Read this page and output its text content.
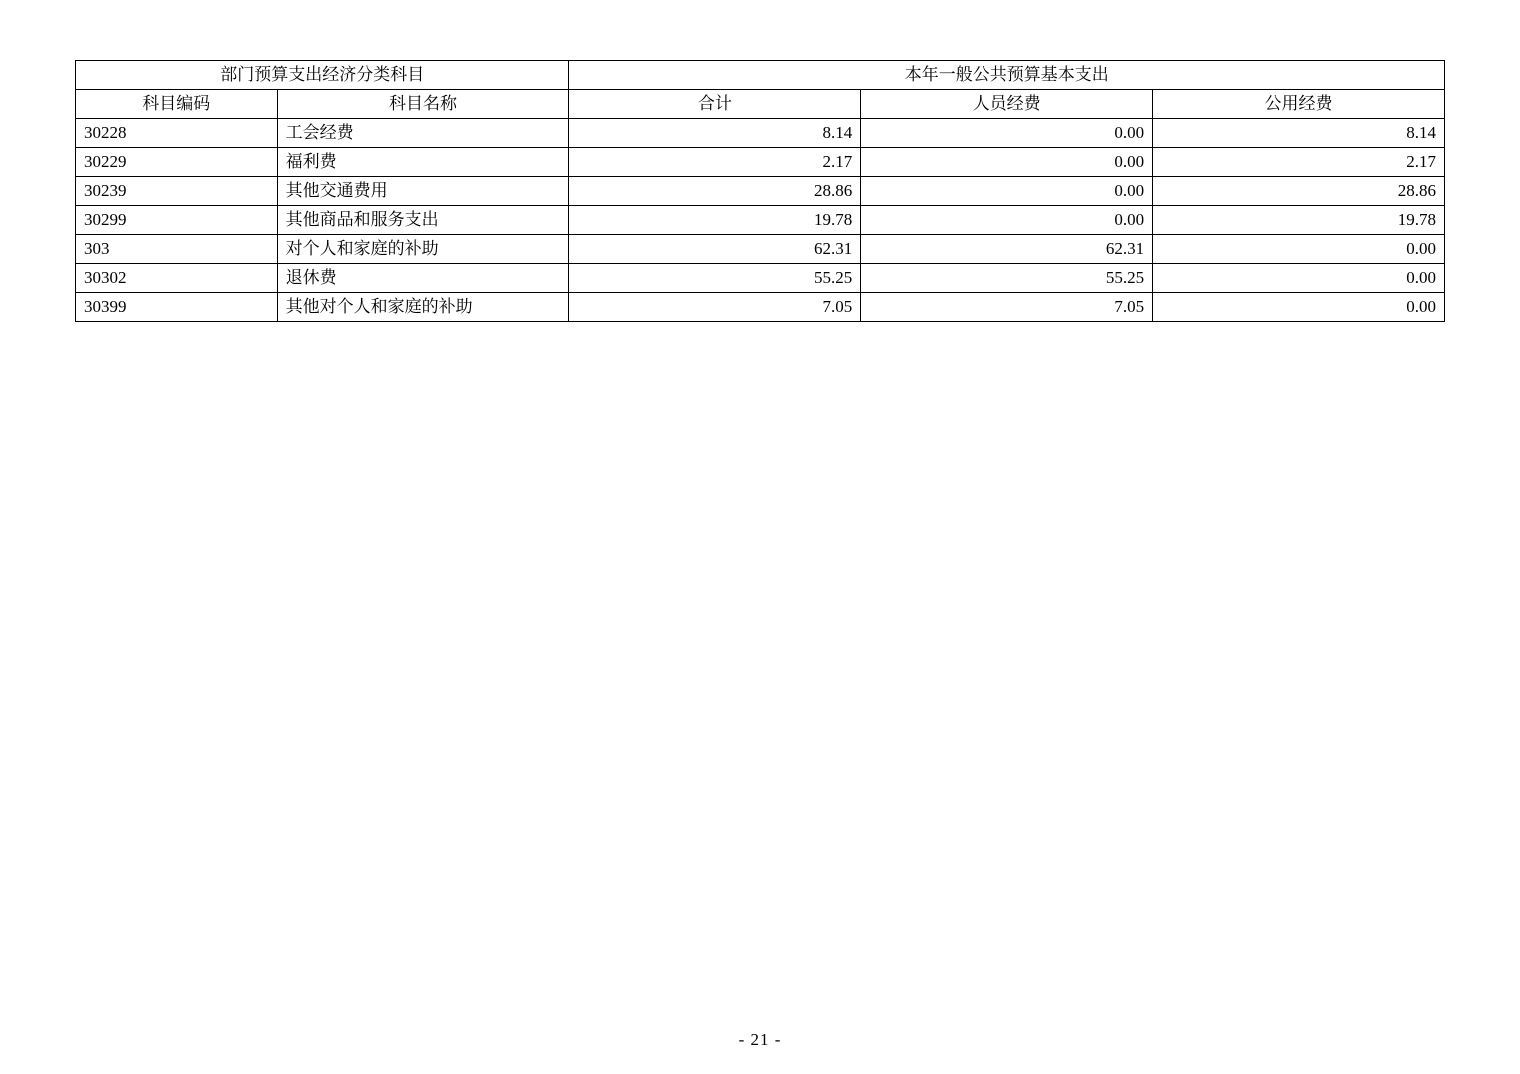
部门预算支出经济分类科目		本年一般公共预算基本支出		
科目编码	科目名称	合计	人员经费	公用经费
30228	工会经费	8.14	0.00	8.14
30229	福利费	2.17	0.00	2.17
30239	其他交通费用	28.86	0.00	28.86
30299	其他商品和服务支出	19.78	0.00	19.78
303	对个人和家庭的补助	62.31	62.31	0.00
30302	退休费	55.25	55.25	0.00
30399	其他对个人和家庭的补助	7.05	7.05	0.00
- 21 -
